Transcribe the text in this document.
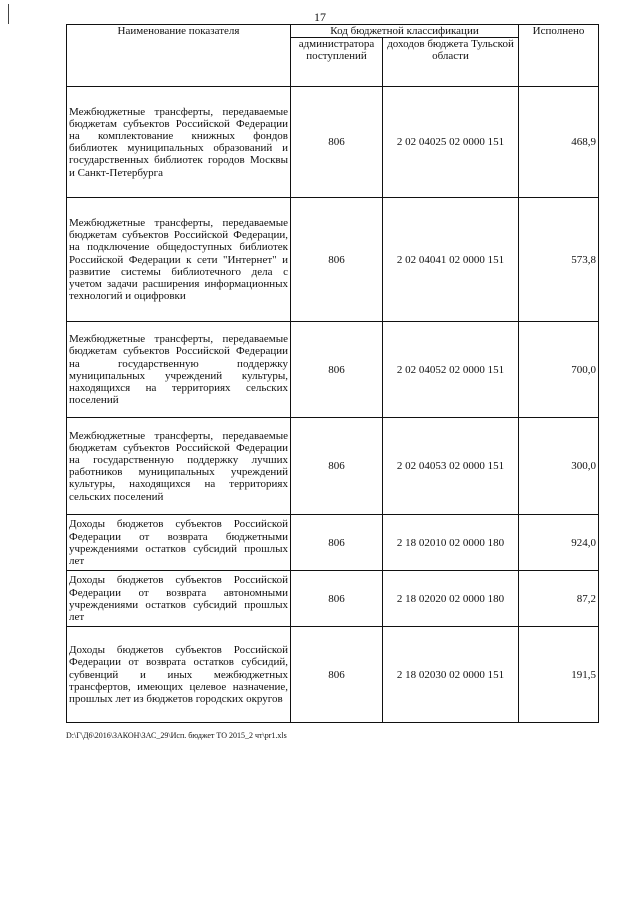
17
Наименование показателя	Код бюджетной классификации		Исполнено
	администратора поступлений	доходов бюджета Тульской области	
Межбюджетные трансферты, передаваемые бюджетам субъектов Российской Федерации на комплектование книжных фондов библиотек муниципальных образований и государственных библиотек городов Москвы и Санкт-Петербурга	806	2 02 04025 02 0000 151	468,9
Межбюджетные трансферты, передаваемые бюджетам субъектов Российской Федерации, на подключение общедоступных библиотек Российской Федерации к сети "Интернет" и развитие системы библиотечного дела с учетом задачи расширения информационных технологий и оцифровки	806	2 02 04041 02 0000 151	573,8
Межбюджетные трансферты, передаваемые бюджетам субъектов Российской Федерации на государственную поддержку муниципальных учреждений культуры, находящихся на территориях сельских поселений	806	2 02 04052 02 0000 151	700,0
Межбюджетные трансферты, передаваемые бюджетам субъектов Российской Федерации на государственную поддержку лучших работников муниципальных учреждений культуры, находящихся на территориях сельских поселений	806	2 02 04053 02 0000 151	300,0
Доходы бюджетов субъектов Российской Федерации от возврата бюджетными учреждениями остатков субсидий прошлых лет	806	2 18 02010 02 0000 180	924,0
Доходы бюджетов субъектов Российской Федерации от возврата автономными учреждениями остатков субсидий прошлых лет	806	2 18 02020 02 0000 180	87,2
Доходы бюджетов субъектов Российской Федерации от возврата остатков субсидий, субвенций и иных межбюджетных трансфертов, имеющих целевое назначение, прошлых лет из бюджетов городских округов	806	2 18 02030 02 0000 151	191,5
D:\Г\Д6\2016\ЗАКОН\ЗАС_29\Исп. бюджет ТО 2015_2 чт\pr1.xls
